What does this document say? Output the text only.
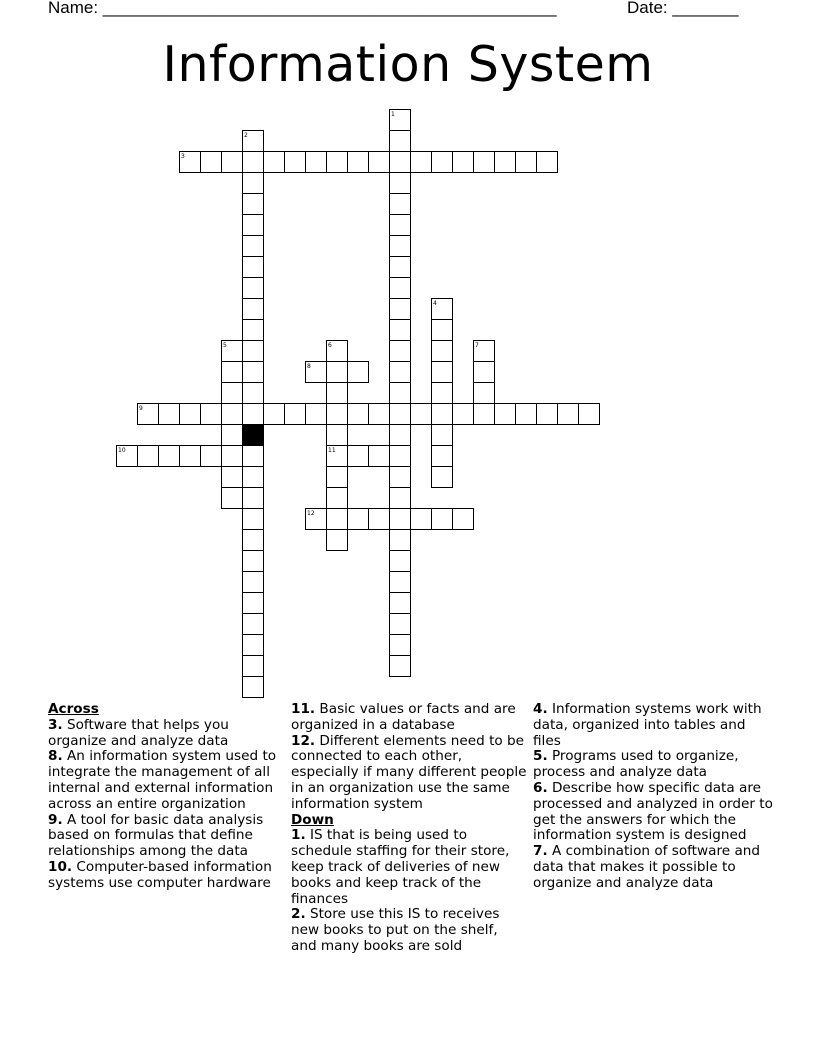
Name: ________________________________________________	Date: _______
Information System
1
2
3
4
5	6	7
8
9
10	11
12
Across
3. Software that helps you organize and analyze data
8. An information system used to integrate the management of all internal and external information across an entire organization
9. A tool for basic data analysis based on formulas that define relationships among the data
10. Computer-based information systems use computer hardware
11. Basic values or facts and are organized in a database
12. Different elements need to be connected to each other, especially if many different people in an organization use the same information system
Down
1. IS that is being used to schedule staffing for their store, keep track of deliveries of new books and keep track of the finances
2. Store use this IS to receives new books to put on the shelf, and many books are sold
4. Information systems work with data, organized into tables and files
5. Programs used to organize, process and analyze data
6. Describe how specific data are processed and analyzed in order to get the answers for which the information system is designed
7. A combination of software and data that makes it possible to organize and analyze data
